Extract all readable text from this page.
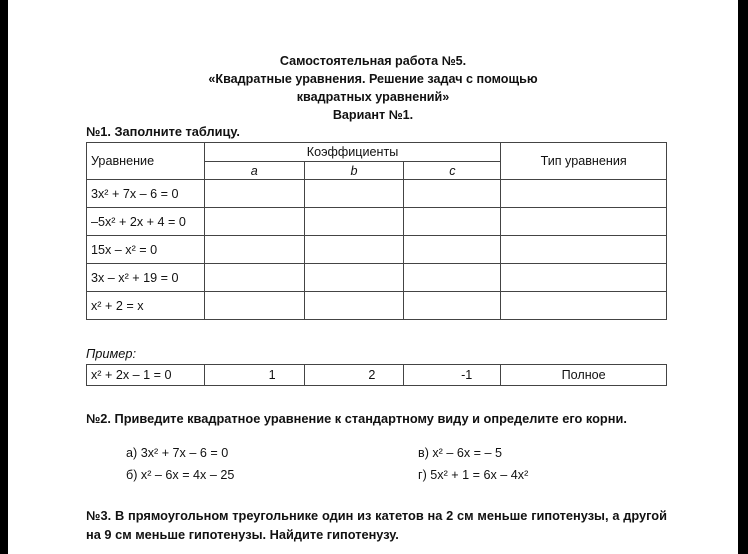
Самостоятельная работа №5.
«Квадратные уравнения. Решение задач с помощью
квадратных уравнений»
Вариант №1.
№1. Заполните таблицу.
Уравнение	Коэффициенты			Тип уравнения
	a	b	c	
3x² + 7x – 6 = 0				
–5x² + 2x + 4 = 0				
15x – x² = 0				
3x – x² + 19 = 0				
x² + 2 = x				
Пример:
x² + 2x – 1 = 0	1	2	-1	Полное
№2. Приведите квадратное уравнение к стандартному виду и определите его корни.
а) 3x² + 7x – 6 = 0
б) x² – 6x = 4x – 25
в) x² – 6x = – 5
г) 5x² + 1 = 6x – 4x²
№3. В прямоугольном треугольнике один из катетов на 2 см меньше гипотенузы, а другой на 9 см меньше гипотенузы. Найдите гипотенузу.
